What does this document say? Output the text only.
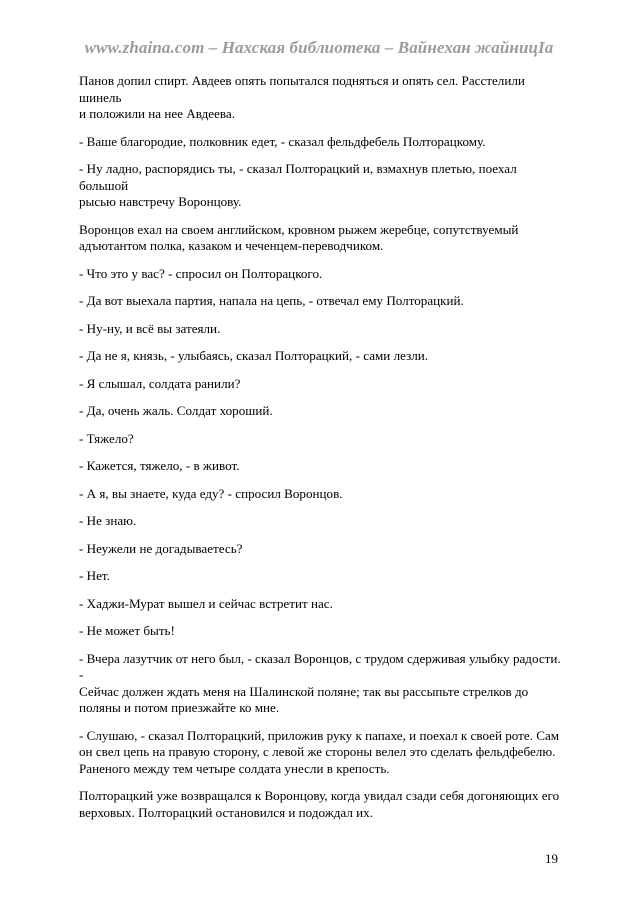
www.zhaina.com – Нахская библиотека – Вайнехан жайницIа

Панов допил спирт. Авдеев опять попытался подняться и опять сел. Расстелили шинель
и положили на нее Авдеева.

- Ваше благородие, полковник едет, - сказал фельдфебель Полторацкому.

- Ну ладно, распорядись ты, - сказал Полторацкий и, взмахнув плетью, поехал большой
рысью навстречу Воронцову.

Воронцов ехал на своем английском, кровном рыжем жеребце, сопутствуемый
адъютантом полка, казаком и чеченцем-переводчиком.

- Что это у вас? - спросил он Полторацкого.

- Да вот выехала партия, напала на цепь, - отвечал ему Полторацкий.

- Ну-ну, и всё вы затеяли.

- Да не я, князь, - улыбаясь, сказал Полторацкий, - сами лезли.

- Я слышал, солдата ранили?

- Да, очень жаль. Солдат хороший.

- Тяжело?

- Кажется, тяжело, - в живот.

- А я, вы знаете, куда еду? - спросил Воронцов.

- Не знаю.

- Неужели не догадываетесь?

- Нет.

- Хаджи-Мурат вышел и сейчас встретит нас.

- Не может быть!

- Вчера лазутчик от него был, - сказал Воронцов, с трудом сдерживая улыбку радости. -
Сейчас должен ждать меня на Шалинской поляне; так вы рассыпьте стрелков до
поляны и потом приезжайте ко мне.

- Слушаю, - сказал Полторацкий, приложив руку к папахе, и поехал к своей роте. Сам
он свел цепь на правую сторону, с левой же стороны велел это сделать фельдфебелю.
Раненого между тем четыре солдата унесли в крепость.

Полторацкий уже возвращался к Воронцову, когда увидал сзади себя догоняющих его
верховых. Полторацкий остановился и подождал их.

19
